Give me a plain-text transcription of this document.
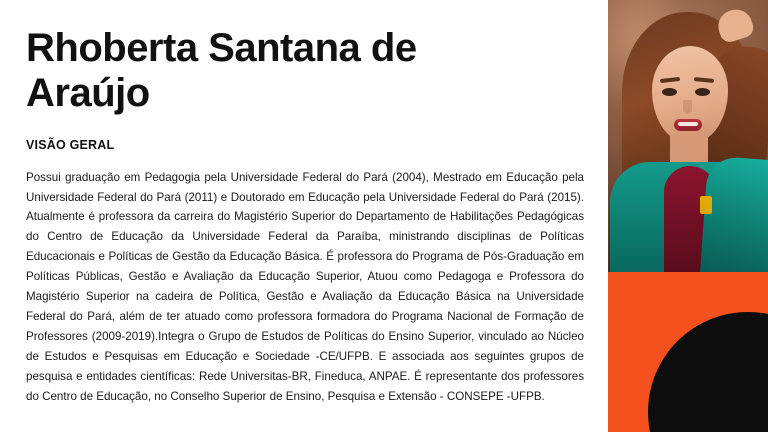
Rhoberta Santana de Araújo
VISÃO GERAL

Possui graduação em Pedagogia pela Universidade Federal do Pará (2004), Mestrado em Educação pela Universidade Federal do Pará (2011) e Doutorado em Educação pela Universidade Federal do Pará (2015). Atualmente é professora da carreira do Magistério Superior do Departamento de Habilitações Pedagógicas do Centro de Educação da Universidade Federal da Paraíba, ministrando disciplinas de Políticas Educacionais e Políticas de Gestão da Educação Básica. É professora do Programa de Pós-Graduação em Políticas Públicas, Gestão e Avaliação da Educação Superior, Atuou como Pedagoga e Professora do Magistério Superior na cadeira de Política, Gestão e Avaliação da Educação Básica na Universidade Federal do Pará, além de ter atuado como professora formadora do Programa Nacional de Formação de Professores (2009-2019).Integra o Grupo de Estudos de Políticas do Ensino Superior, vinculado ao Núcleo de Estudos e Pesquisas em Educação e Sociedade -CE/UFPB. E associada aos seguintes grupos de pesquisa e entidades científicas: Rede Universitas-BR, Fineduca, ANPAE. É representante dos professores do Centro de Educação, no Conselho Superior de Ensino, Pesquisa e Extensão - CONSEPE -UFPB.
